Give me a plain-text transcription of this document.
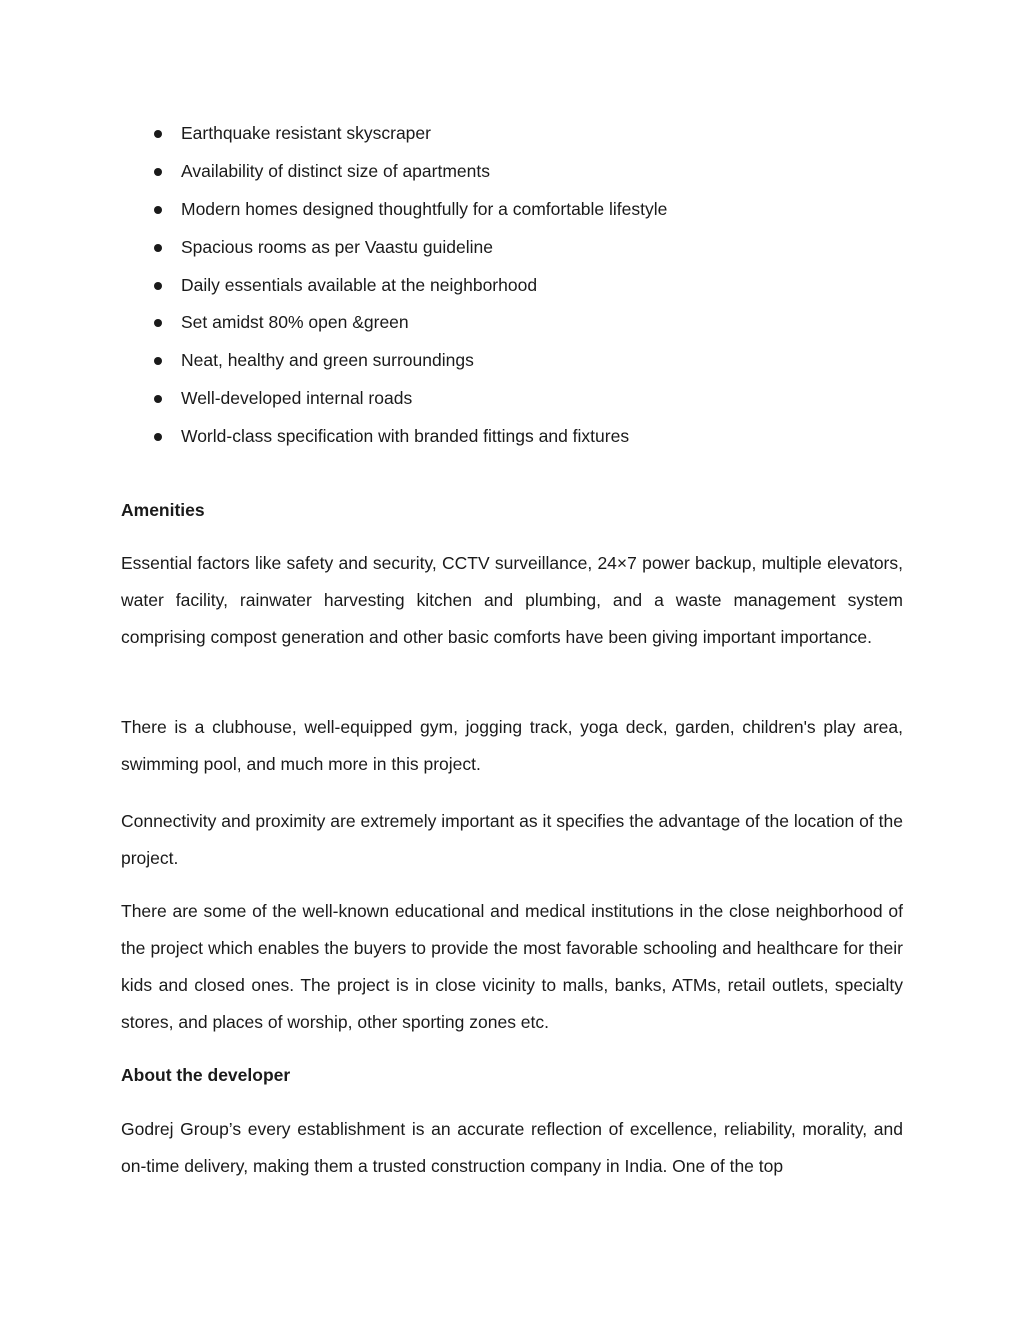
Earthquake resistant skyscraper
Availability of distinct size of apartments
Modern homes designed thoughtfully for a comfortable lifestyle
Spacious rooms as per Vaastu guideline
Daily essentials available at the neighborhood
Set amidst 80% open &green
Neat, healthy and green surroundings
Well-developed internal roads
World-class specification with branded fittings and fixtures
Amenities

Essential factors like safety and security, CCTV surveillance, 24×7 power backup, multiple elevators, water facility, rainwater harvesting kitchen and plumbing, and a waste management system comprising compost generation and other basic comforts have been giving important importance.

There is a clubhouse, well-equipped gym, jogging track, yoga deck, garden, children's play area, swimming pool, and much more in this project.

Connectivity and proximity are extremely important as it specifies the advantage of the location of the project.

There are some of the well-known educational and medical institutions in the close neighborhood of the project which enables the buyers to provide the most favorable schooling and healthcare for their kids and closed ones. The project is in close vicinity to malls, banks, ATMs, retail outlets, specialty stores, and places of worship, other sporting zones etc.

About the developer

Godrej Group’s every establishment is an accurate reflection of excellence, reliability, morality, and on-time delivery, making them a trusted construction company in India. One of the top
